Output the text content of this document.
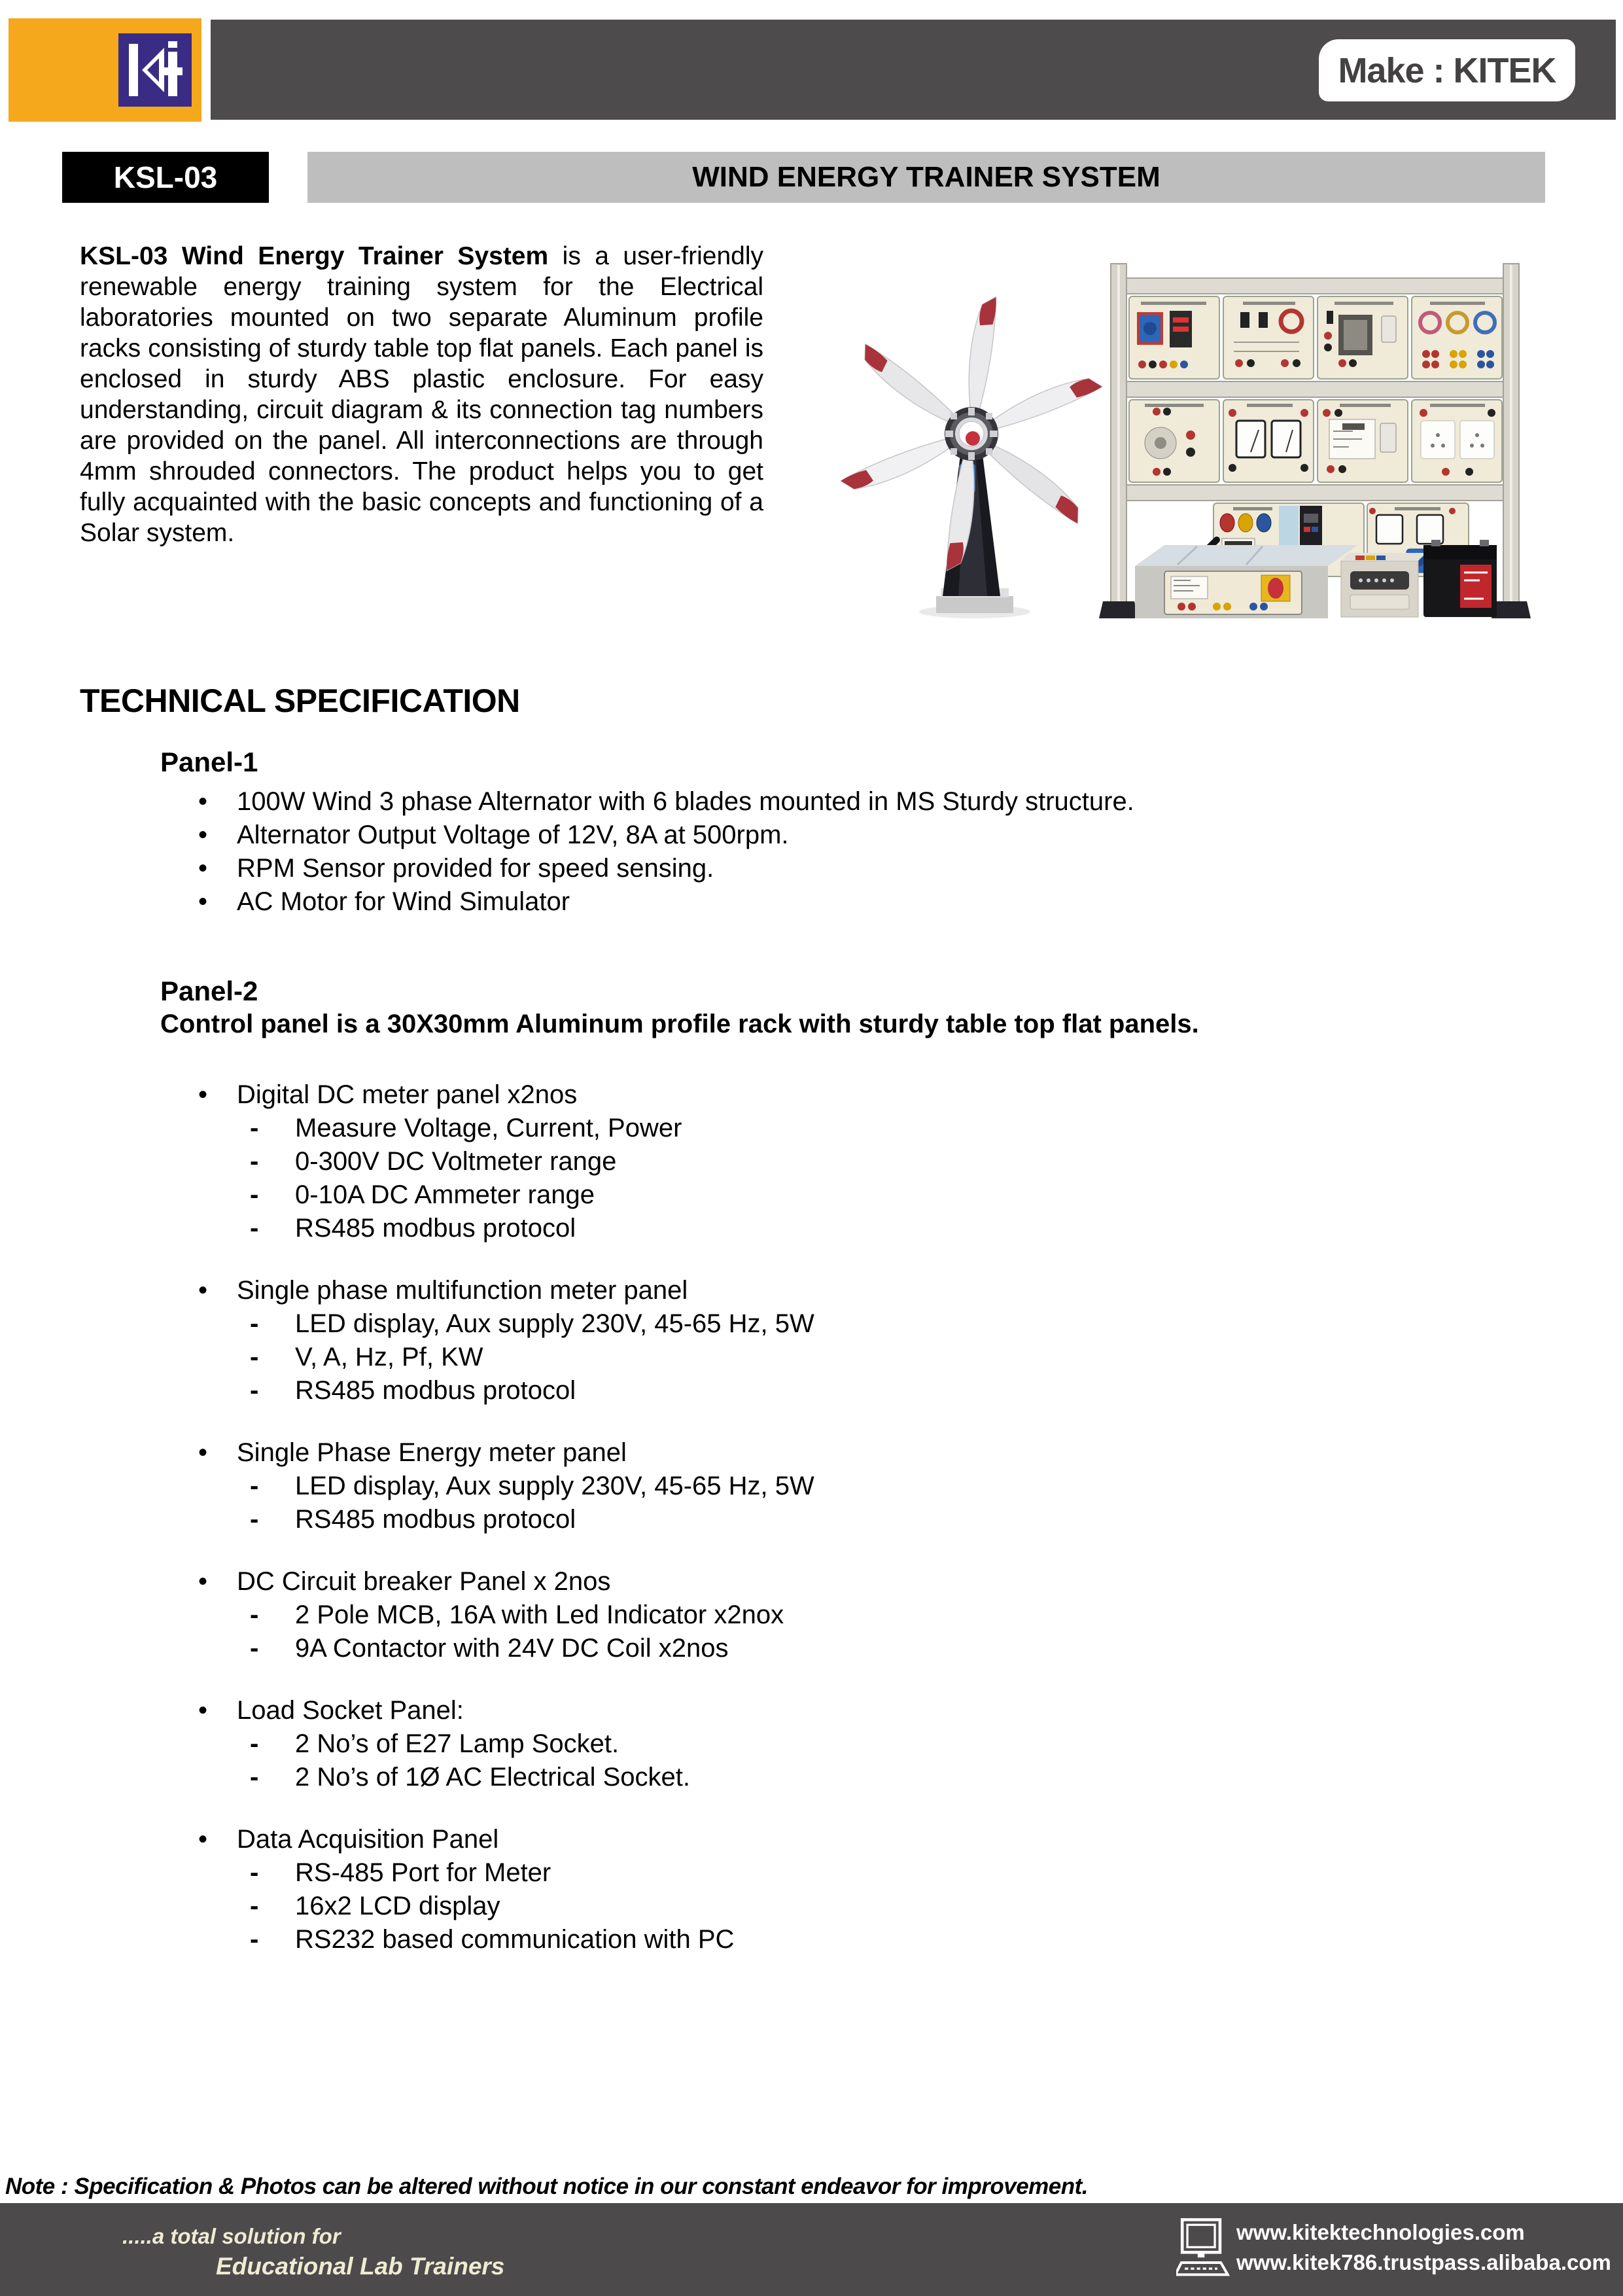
Make : KITEK
KSL-03	WIND ENERGY TRAINER SYSTEM

KSL-03 Wind Energy Trainer System is a user-friendly renewable energy training system for the Electrical laboratories mounted on two separate Aluminum profile racks consisting of sturdy table top flat panels. Each panel is enclosed in sturdy ABS plastic enclosure. For easy understanding, circuit diagram & its connection tag numbers are provided on the panel. All interconnections are through 4mm shrouded connectors. The product helps you to get fully acquainted with the basic concepts and functioning of a Solar system.

TECHNICAL SPECIFICATION
Panel-1
• 100W Wind 3 phase Alternator with 6 blades mounted in MS Sturdy structure.
• Alternator Output Voltage of 12V, 8A at 500rpm.
• RPM Sensor provided for speed sensing.
• AC Motor for Wind Simulator
Panel-2
Control panel is a 30X30mm Aluminum profile rack with sturdy table top flat panels.
• Digital DC meter panel x2nos
- Measure Voltage, Current, Power
- 0-300V DC Voltmeter range
- 0-10A DC Ammeter range
- RS485 modbus protocol
• Single phase multifunction meter panel
- LED display, Aux supply 230V, 45-65 Hz, 5W
- V, A, Hz, Pf, KW
- RS485 modbus protocol
• Single Phase Energy meter panel
- LED display, Aux supply 230V, 45-65 Hz, 5W
- RS485 modbus protocol
• DC Circuit breaker Panel x 2nos
- 2 Pole MCB, 16A with Led Indicator x2nox
- 9A Contactor with 24V DC Coil x2nos
• Load Socket Panel:
- 2 No’s of E27 Lamp Socket.
- 2 No’s of 1Ø AC Electrical Socket.
• Data Acquisition Panel
- RS-485 Port for Meter
- 16x2 LCD display
- RS232 based communication with PC
Note : Specification & Photos can be altered without notice in our constant endeavor for improvement.
.....a total solution for
Educational Lab Trainers
www.kitektechnologies.com
www.kitek786.trustpass.alibaba.com
